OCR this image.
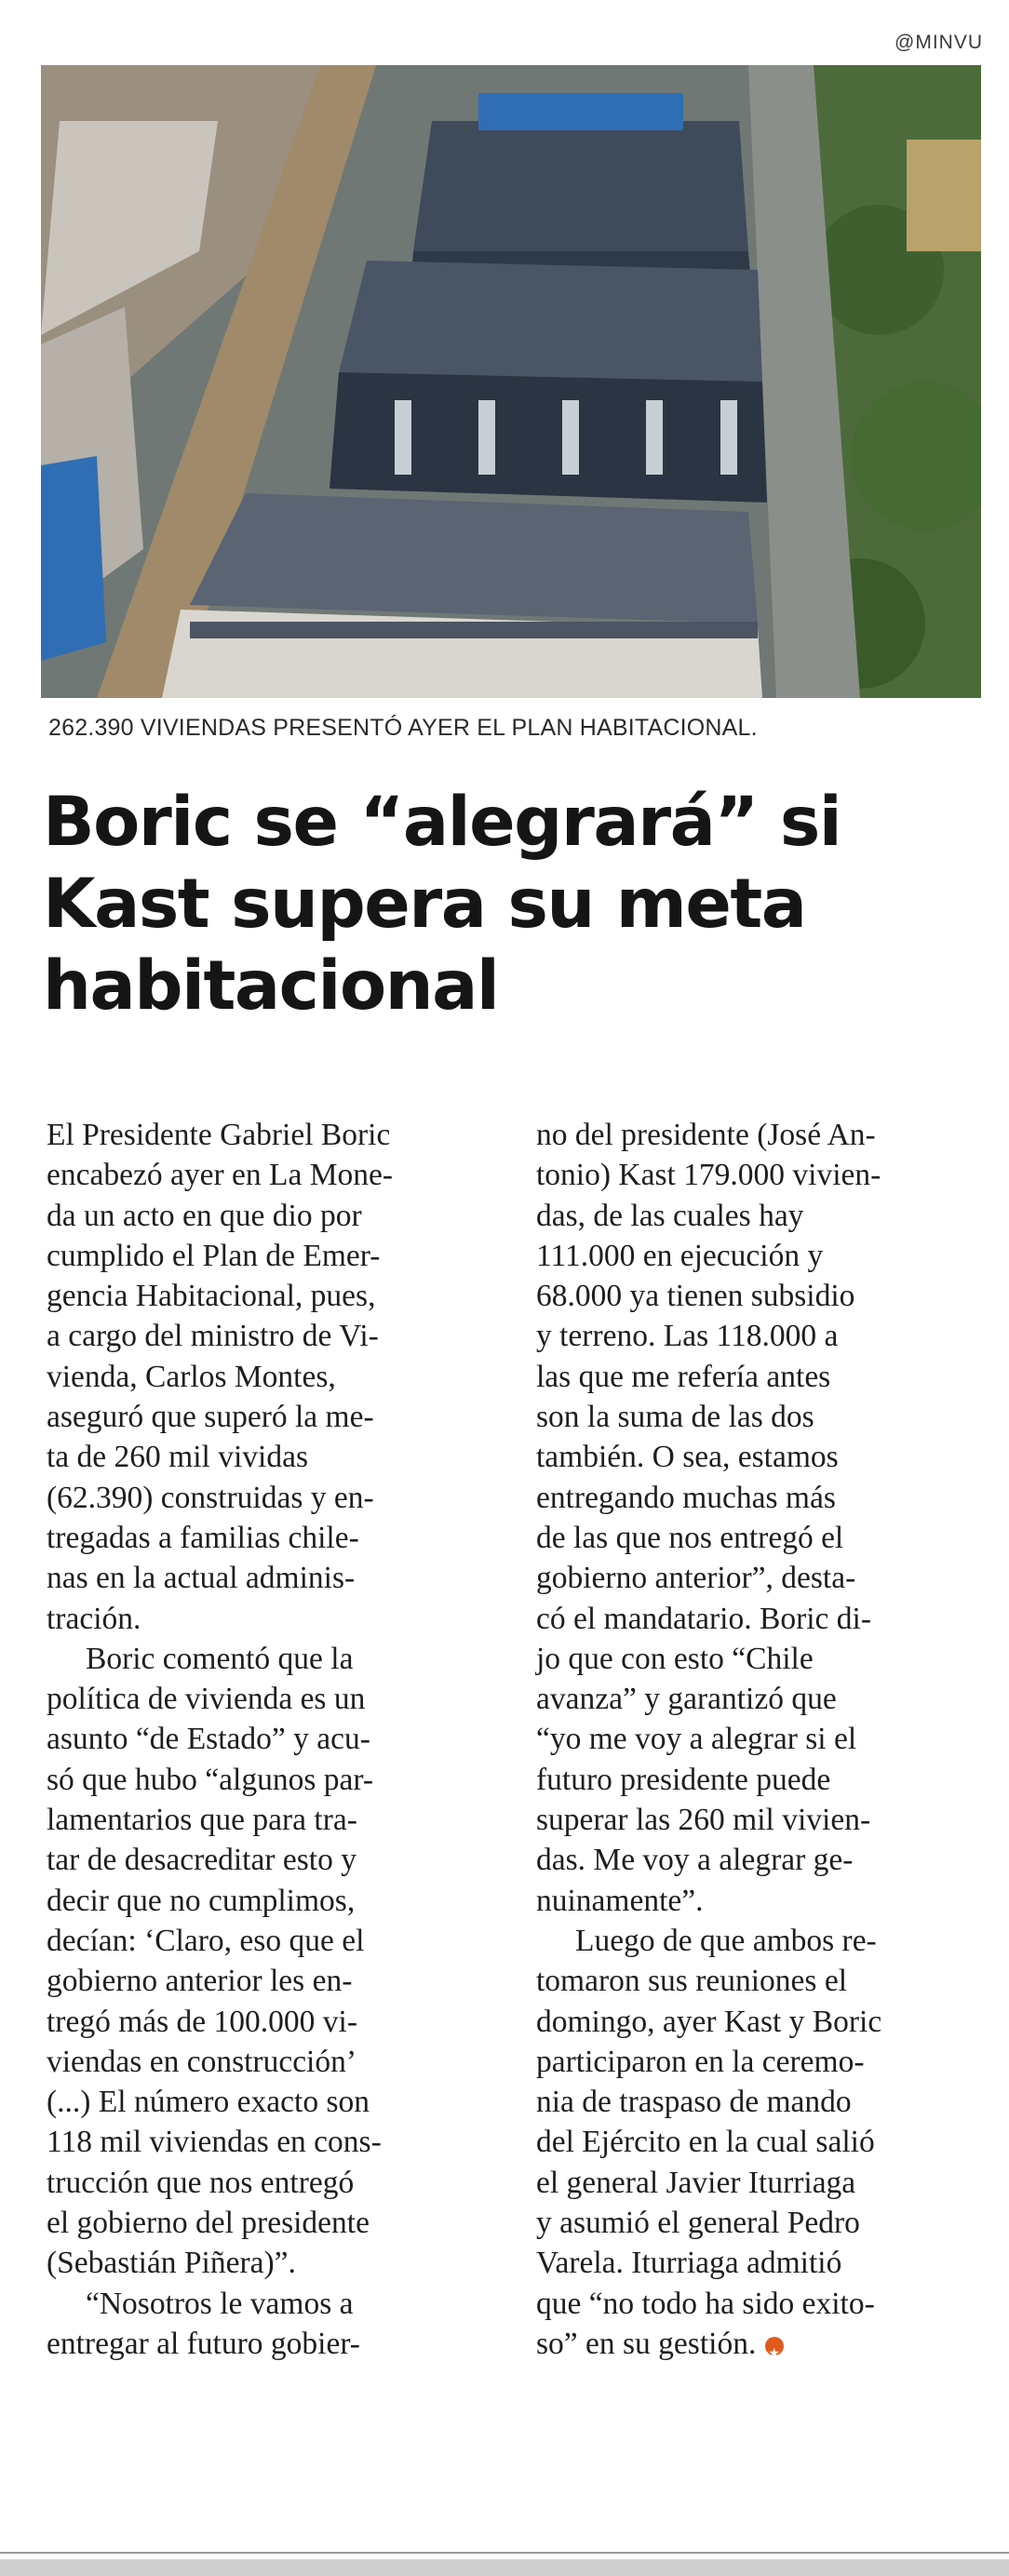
@MINVU
262.390 VIVIENDAS PRESENTÓ AYER EL PLAN HABITACIONAL.
Boric se “alegrará” si
Kast supera su meta
habitacional
El Presidente Gabriel Boric
encabezó ayer en La Mone-
da un acto en que dio por
cumplido el Plan de Emer-
gencia Habitacional, pues,
a cargo del ministro de Vi-
vienda, Carlos Montes,
aseguró que superó la me-
ta de 260 mil vividas
(62.390) construidas y en-
tregadas a familias chile-
nas en la actual adminis-
tración.
Boric comentó que la
política de vivienda es un
asunto “de Estado” y acu-
só que hubo “algunos par-
lamentarios que para tra-
tar de desacreditar esto y
decir que no cumplimos,
decían: ‘Claro, eso que el
gobierno anterior les en-
tregó más de 100.000 vi-
viendas en construcción’
(...) El número exacto son
118 mil viviendas en cons-
trucción que nos entregó
el gobierno del presidente
(Sebastián Piñera)”.
“Nosotros le vamos a
entregar al futuro gobier-
no del presidente (José An-
tonio) Kast 179.000 vivien-
das, de las cuales hay
111.000 en ejecución y
68.000 ya tienen subsidio
y terreno. Las 118.000 a
las que me refería antes
son la suma de las dos
también. O sea, estamos
entregando muchas más
de las que nos entregó el
gobierno anterior”, desta-
có el mandatario. Boric di-
jo que con esto “Chile
avanza” y garantizó que
“yo me voy a alegrar si el
futuro presidente puede
superar las 260 mil vivien-
das. Me voy a alegrar ge-
nuinamente”.
Luego de que ambos re-
tomaron sus reuniones el
domingo, ayer Kast y Boric
participaron en la ceremo-
nia de traspaso de mando
del Ejército en la cual salió
el general Javier Iturriaga
y asumió el general Pedro
Varela. Iturriaga admitió
que “no todo ha sido exito-
so” en su gestión.★
